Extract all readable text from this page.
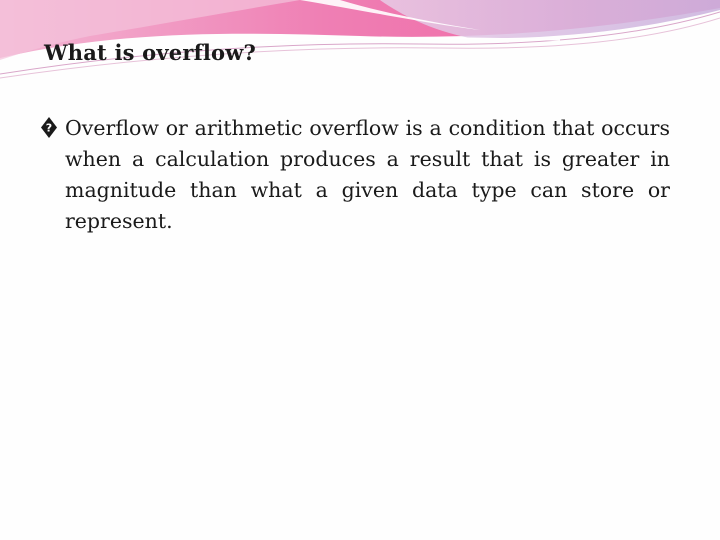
What is overflow?
? Overflow or arithmetic overflow is a condition that occurs when a calculation produces a result that is greater in magnitude than what a given data type can store or represent.
